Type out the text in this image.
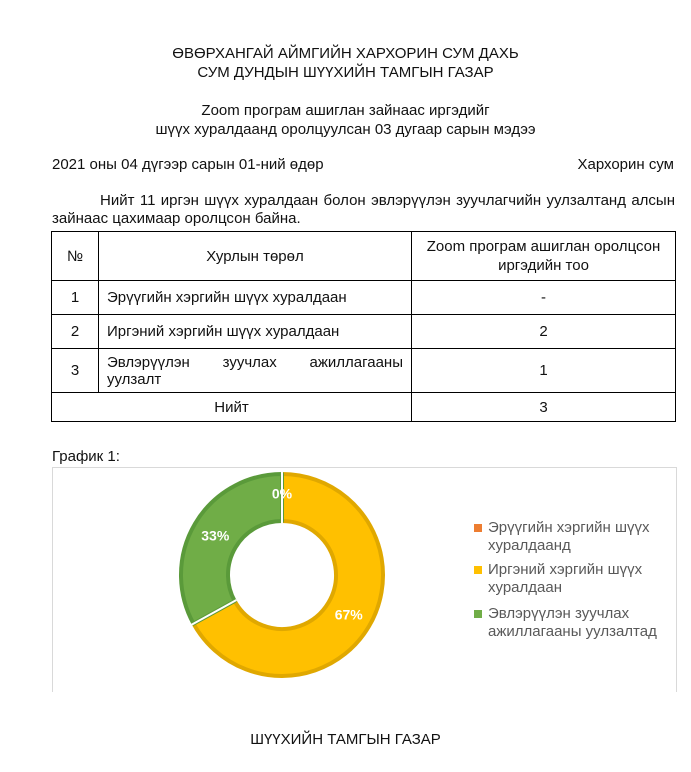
ӨВӨРХАНГАЙ АЙМГИЙН ХАРХОРИН СУМ ДАХЬ
СУМ ДУНДЫН ШҮҮХИЙН ТАМГЫН ГАЗАР
Zoom програм ашиглан зайнаас иргэдийг
шүүх хуралдаанд оролцуулсан 03 дугаар сарын мэдээ
2021 оны 04 дүгээр сарын 01-ний өдөр	Хархорин сум
Нийт 11 иргэн шүүх хуралдаан болон эвлэрүүлэн зуучлагчийн уулзалтанд алсын зайнаас цахимаар оролцсон байна.
№	Хурлын төрөл	Zoom програм ашиглан оролцсон иргэдийн тоо
1	Эрүүгийн хэргийн шүүх хуралдаан	-
2	Иргэний хэргийн шүүх хуралдаан	2
3	Эвлэрүүлэн зуучлах ажиллагааны уулзалт	1
Нийт		3
График 1:
0%
67%
33%	Эрүүгийн хэргийн шүүх хуралдаанд
Иргэний хэргийн шүүх хуралдаан
Эвлэрүүлэн зуучлах ажиллагааны уулзалтад
ШҮҮХИЙН ТАМГЫН ГАЗАР
